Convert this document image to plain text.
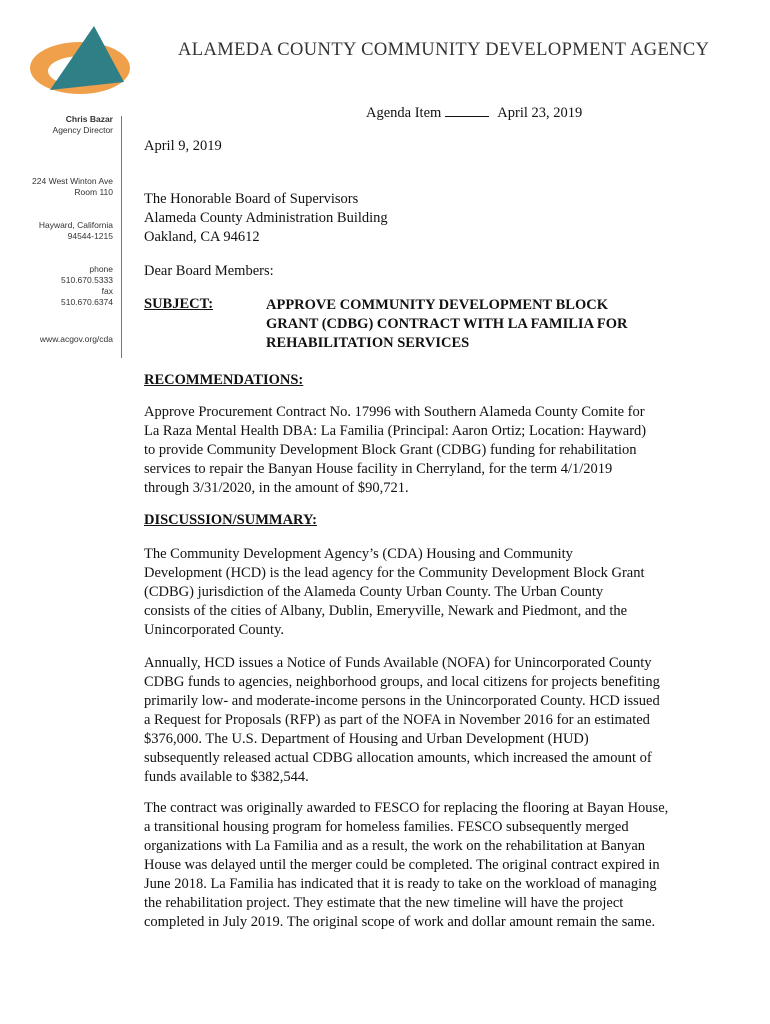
ALAMEDA COUNTY COMMUNITY DEVELOPMENT AGENCY
Chris Bazar
Agency Director
224 West Winton Ave
Room 110
Hayward, California
94544-1215
phone
510.670.5333
fax
510.670.6374
www.acgov.org/cda
Agenda Item	April 23, 2019
April 9, 2019
The Honorable Board of Supervisors
Alameda County Administration Building
Oakland, CA 94612
Dear Board Members:
SUBJECT:	APPROVE COMMUNITY DEVELOPMENT BLOCK
GRANT (CDBG) CONTRACT WITH LA FAMILIA FOR
REHABILITATION SERVICES
RECOMMENDATIONS:
Approve Procurement Contract No. 17996 with Southern Alameda County Comite for
La Raza Mental Health DBA: La Familia (Principal: Aaron Ortiz; Location: Hayward)
to provide Community Development Block Grant (CDBG) funding for rehabilitation
services to repair the Banyan House facility in Cherryland, for the term 4/1/2019
through 3/31/2020, in the amount of $90,721.
DISCUSSION/SUMMARY:
The Community Development Agency’s (CDA) Housing and Community
Development (HCD) is the lead agency for the Community Development Block Grant
(CDBG) jurisdiction of the Alameda County Urban County. The Urban County
consists of the cities of Albany, Dublin, Emeryville, Newark and Piedmont, and the
Unincorporated County.
Annually, HCD issues a Notice of Funds Available (NOFA) for Unincorporated County
CDBG funds to agencies, neighborhood groups, and local citizens for projects benefiting
primarily low- and moderate-income persons in the Unincorporated County. HCD issued
a Request for Proposals (RFP) as part of the NOFA in November 2016 for an estimated
$376,000. The U.S. Department of Housing and Urban Development (HUD)
subsequently released actual CDBG allocation amounts, which increased the amount of
funds available to $382,544.
The contract was originally awarded to FESCO for replacing the flooring at Bayan House,
a transitional housing program for homeless families. FESCO subsequently merged
organizations with La Familia and as a result, the work on the rehabilitation at Banyan
House was delayed until the merger could be completed. The original contract expired in
June 2018. La Familia has indicated that it is ready to take on the workload of managing
the rehabilitation project. They estimate that the new timeline will have the project
completed in July 2019. The original scope of work and dollar amount remain the same.
